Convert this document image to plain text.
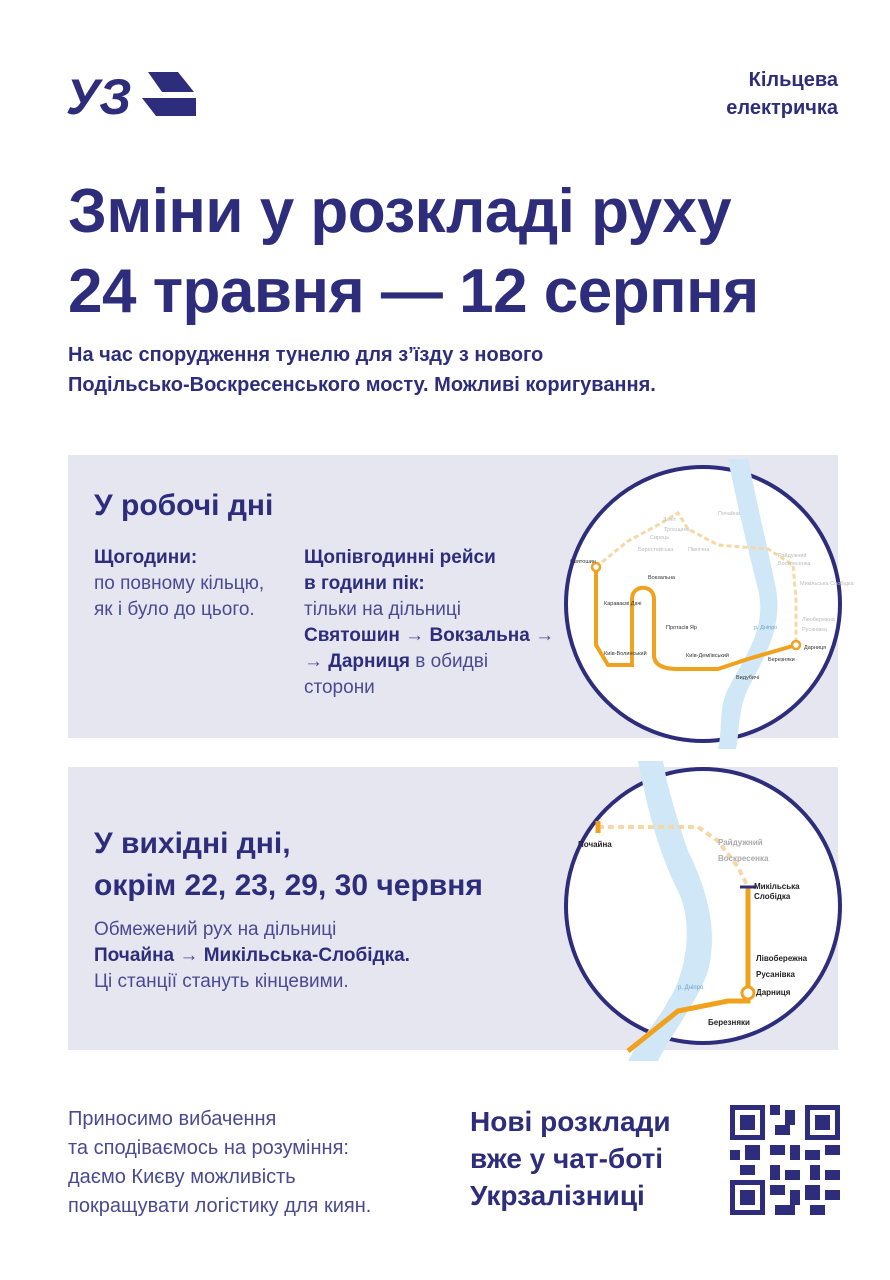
УЗ	Кільцева
електричка
Зміни у розкладі руху
24 травня — 12 серпня
На час спорудження тунелю для з’їзду з нового
Подільсько-Воскресенського мосту. Можливі коригування.
У робочі дні
Щогодини:
по повному кільцю,
як і було до цього.
Щопівгодинні рейси
в години пік:
тільки на дільниці
Святошин → Вокзальна →
→ Дарниця в обидві
сторони
Зеніт
Троєщина
Північна
Святошин
Берестейська
Вокзальна
Караваєві Дачі
Протасів Яр
Київ-Волинський	Київ-Деміївський
Видубичі
Березняки
Дарниця
Райдужний
Воскресенка
Микільська Слобідка
Лівобережна
Русанівка
Почайна
Сирець
р. Дніпро
У вихідні дні,
окрім 22, 23, 29, 30 червня
Обмежений рух на дільниці
Почайна → Микільська-Слобідка.
Ці станції стануть кінцевими.
Почайна	Райдужний
Воскресенка
Микільська
Слобідка
Лівобережна
Русанівка
Дарниця
Березняки
р. Дніпро
Приносимо вибачення
та сподіваємось на розуміння:
даємо Києву можливість
покращувати логістику для киян.
Нові розклади
вже у чат-боті
Укрзалізниці
